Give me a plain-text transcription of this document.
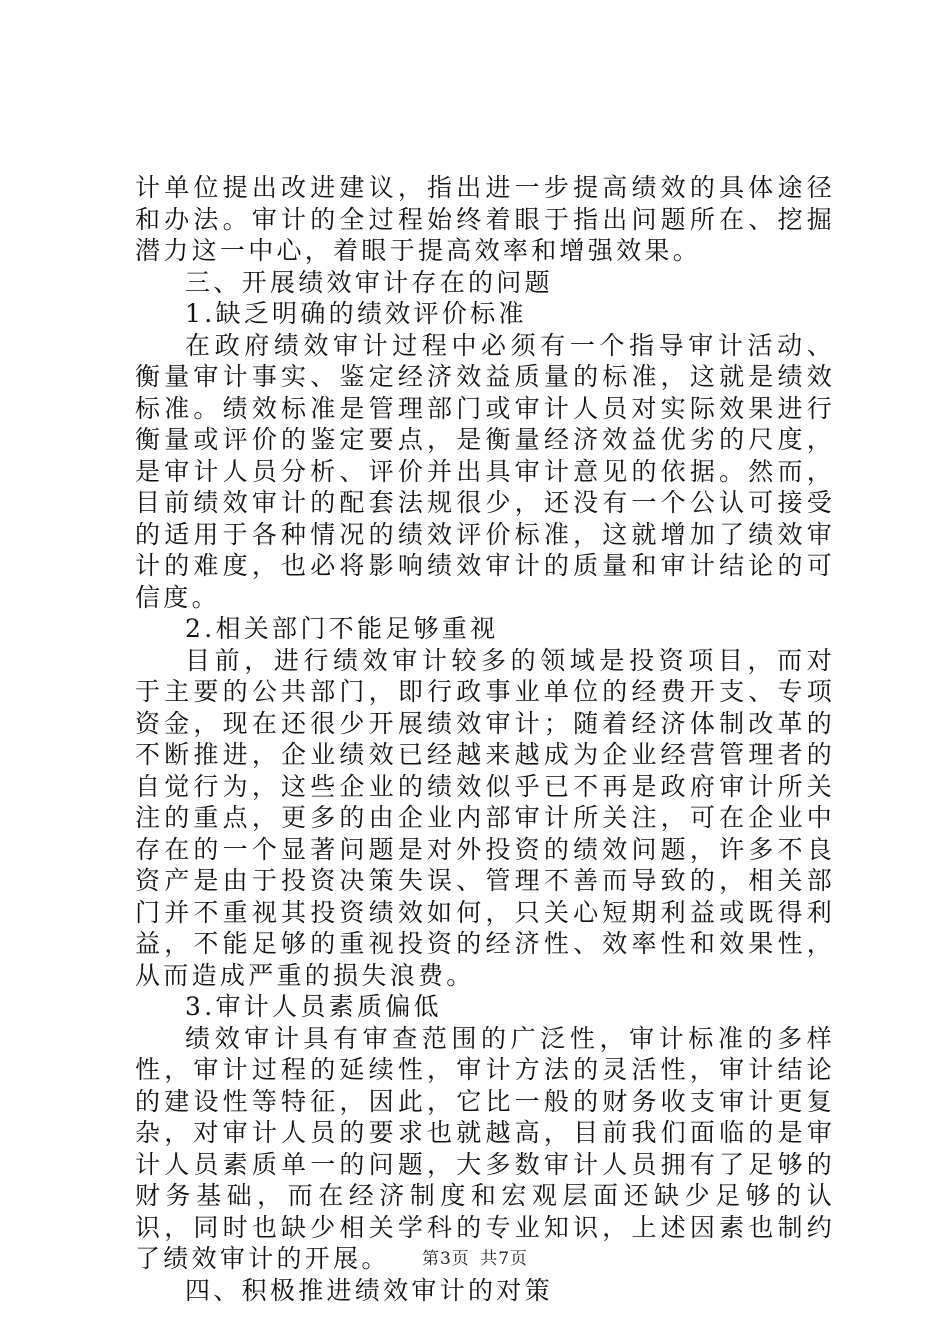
计单位提出改进建议，指出进一步提高绩效的具体途径和办法。审计的全过程始终着眼于指出问题所在、挖掘潜力这一中心，着眼于提高效率和增强效果。

三、开展绩效审计存在的问题

1.缺乏明确的绩效评价标准

在政府绩效审计过程中必须有一个指导审计活动、衡量审计事实、鉴定经济效益质量的标准，这就是绩效标准。绩效标准是管理部门或审计人员对实际效果进行衡量或评价的鉴定要点，是衡量经济效益优劣的尺度，是审计人员分析、评价并出具审计意见的依据。然而，目前绩效审计的配套法规很少，还没有一个公认可接受的适用于各种情况的绩效评价标准，这就增加了绩效审计的难度，也必将影响绩效审计的质量和审计结论的可信度。

2.相关部门不能足够重视

目前，进行绩效审计较多的领域是投资项目，而对于主要的公共部门，即行政事业单位的经费开支、专项资金，现在还很少开展绩效审计；随着经济体制改革的不断推进，企业绩效已经越来越成为企业经营管理者的自觉行为，这些企业的绩效似乎已不再是政府审计所关注的重点，更多的由企业内部审计所关注，可在企业中存在的一个显著问题是对外投资的绩效问题，许多不良资产是由于投资决策失误、管理不善而导致的，相关部门并不重视其投资绩效如何，只关心短期利益或既得利益，不能足够的重视投资的经济性、效率性和效果性，从而造成严重的损失浪费。

3.审计人员素质偏低

绩效审计具有审查范围的广泛性，审计标准的多样性，审计过程的延续性，审计方法的灵活性，审计结论的建设性等特征，因此，它比一般的财务收支审计更复杂，对审计人员的要求也就越高，目前我们面临的是审计人员素质单一的问题，大多数审计人员拥有了足够的财务基础，而在经济制度和宏观层面还缺少足够的认识，同时也缺少相关学科的专业知识，上述因素也制约了绩效审计的开展。

四、积极推进绩效审计的对策

第3页 共7页
